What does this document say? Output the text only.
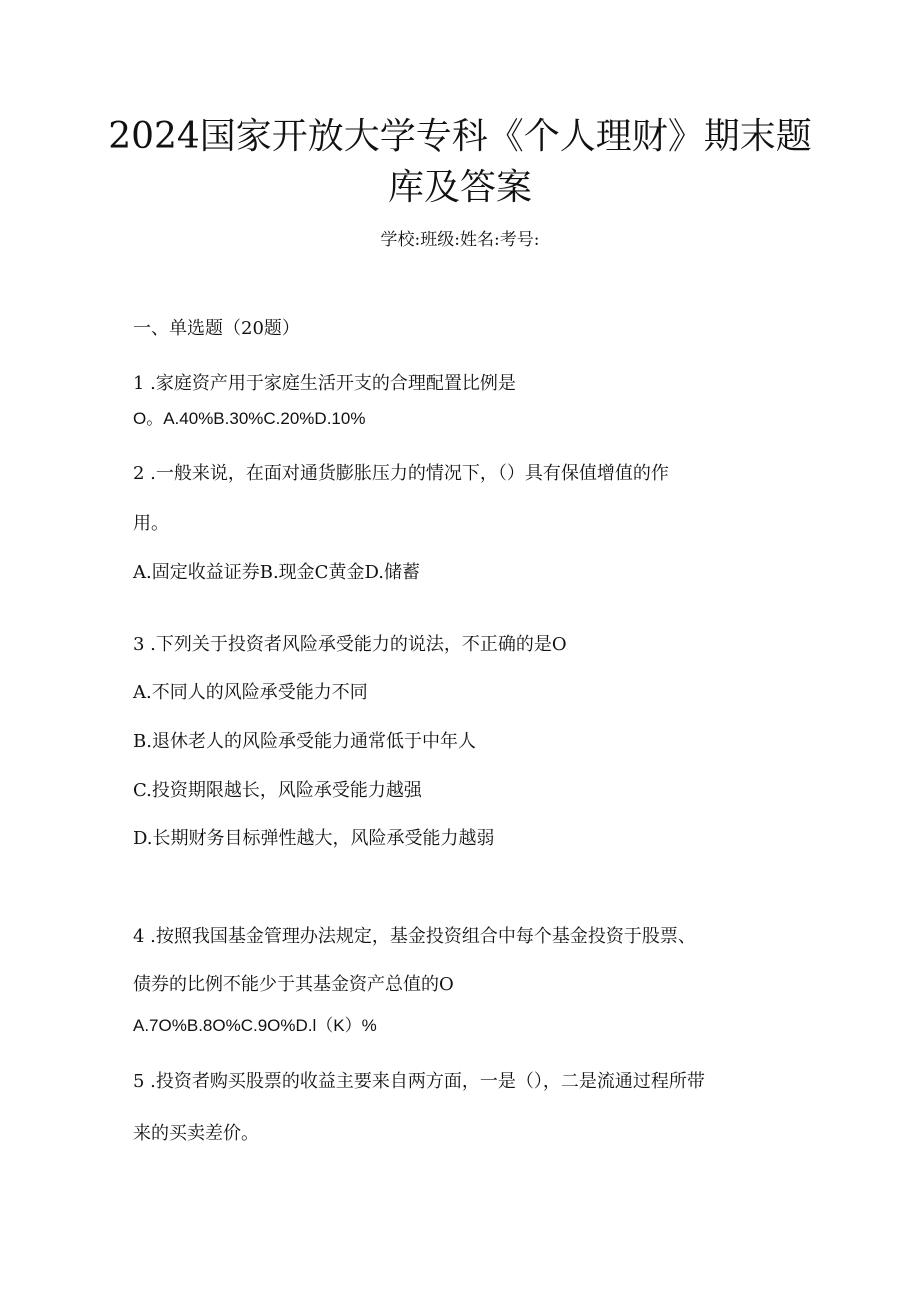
2024国家开放大学专科《个人理财》期末题
库及答案
学校:班级:姓名:考号:
一、单选题（20题）
1 .家庭资产用于家庭生活开支的合理配置比例是
O。A.40%B.30%C.20%D.10%
2 .一般来说，在面对通货膨胀压力的情况下，（）具有保值增值的作
用。
A.固定收益证券B.现金C黄金D.储蓄
3 .下列关于投资者风险承受能力的说法，不正确的是O
A.不同人的风险承受能力不同
B.退休老人的风险承受能力通常低于中年人
C.投资期限越长，风险承受能力越强
D.长期财务目标弹性越大，风险承受能力越弱
4 .按照我国基金管理办法规定，基金投资组合中每个基金投资于股票、
债券的比例不能少于其基金资产总值的O
A.7O%B.8O%C.9O%D.l（K）%
5 .投资者购买股票的收益主要来自两方面，一是（），二是流通过程所带
来的买卖差价。
